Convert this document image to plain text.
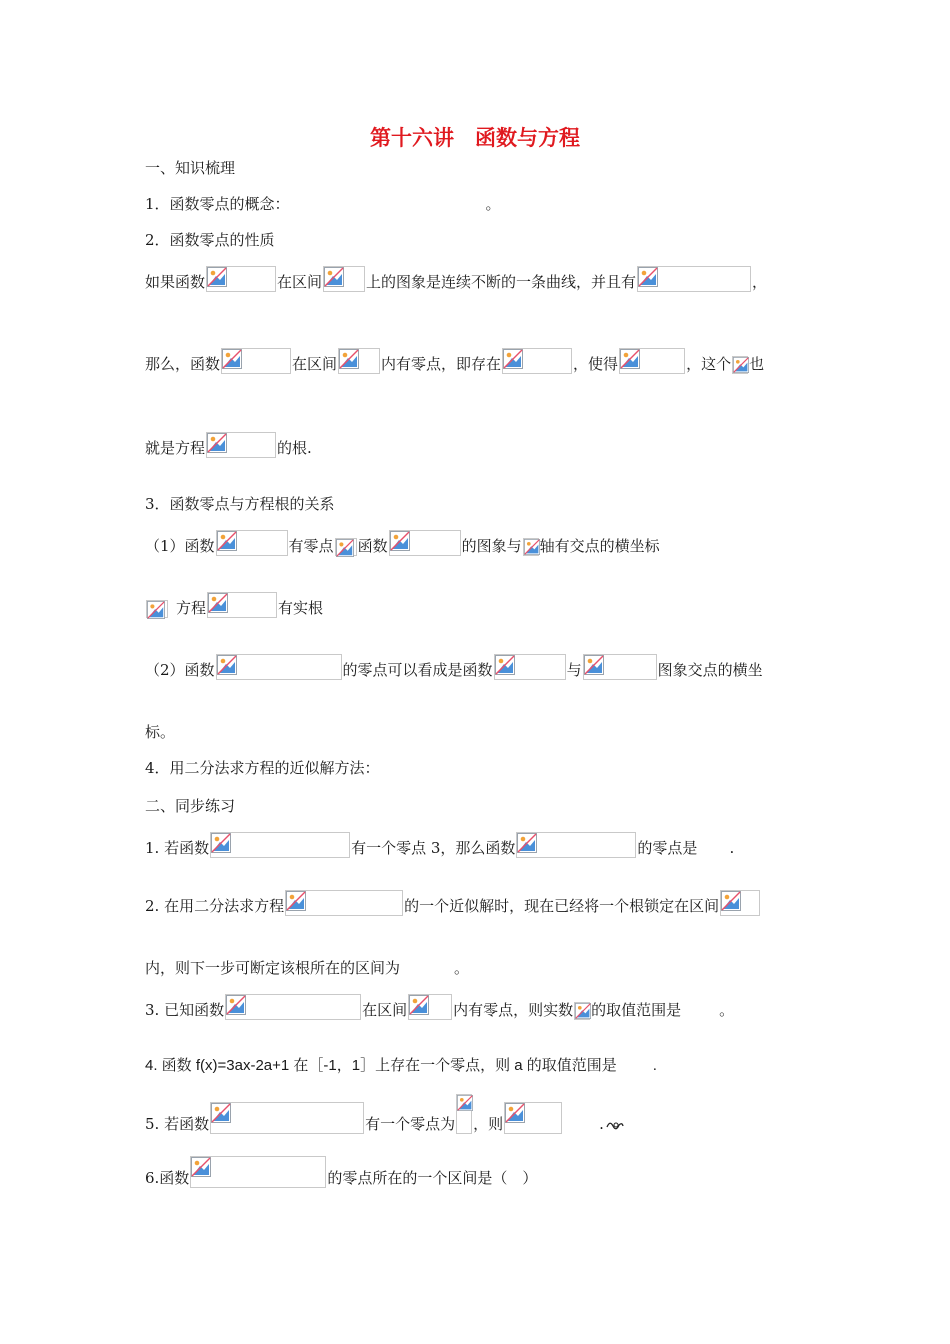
第十六讲　函数与方程
一、知识梳理
1．函数零点的概念：	。
2．函数零点的性质
如果函数	在区间	上的图象是连续不断的一条曲线，并且有	，
那么，函数	在区间	内有零点，即存在	，使得	，这个 也
就是方程	的根.
3．函数零点与方程根的关系
（1）函数	有零点 函数	的图象与 轴有交点的横坐标
方程	有实根
（2）函数	的零点可以看成是函数	与	图象交点的横坐
标。
4．用二分法求方程的近似解方法：
二、同步练习
1. 若函数	有一个零点 3，那么函数	的零点是 .
2. 在用二分法求方程	的一个近似解时，现在已经将一个根锁定在区间
内，则下一步可断定该根所在的区间为	。
3. 已知函数	在区间	内有零点，则实数 的取值范围是	。
4. 函数 f(x)=3ax-2a+1 在［-1，1］上存在一个零点，则 a 的取值范围是 .
5. 若函数	有一个零点为 ，则	.
6.函数	的零点所在的一个区间是（　）
